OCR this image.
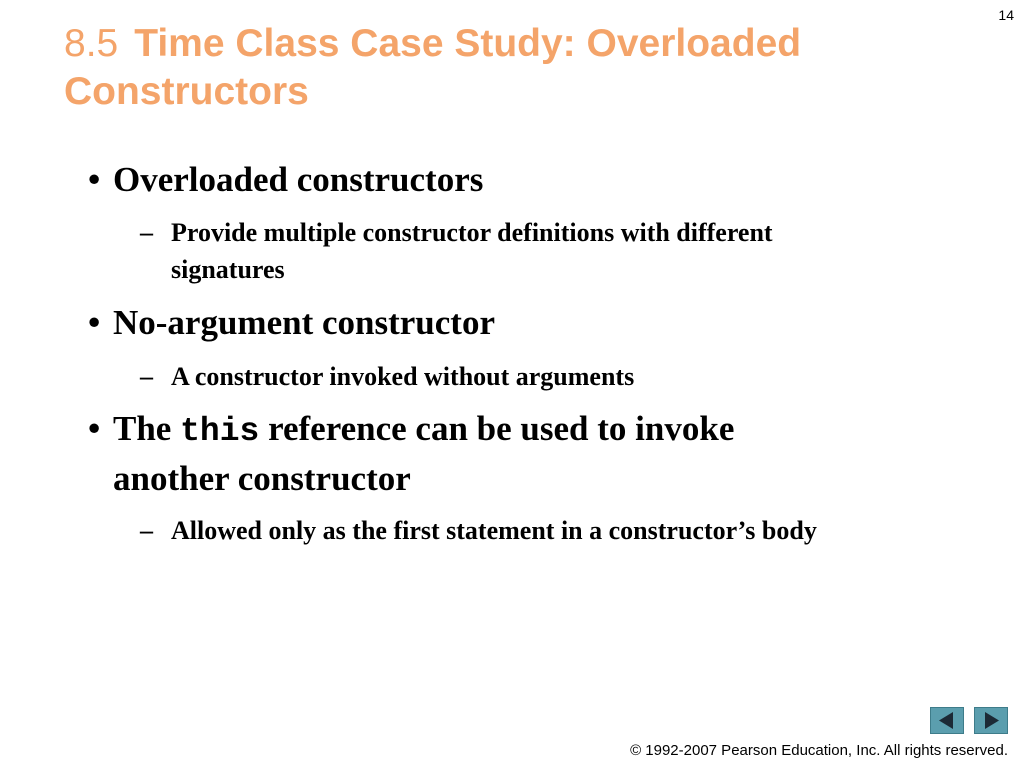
14
8.5 Time Class Case Study: Overloaded Constructors
• Overloaded constructors
– Provide multiple constructor definitions with different
signatures
• No-argument constructor
– A constructor invoked without arguments
• The this reference can be used to invoke
another constructor
– Allowed only as the first statement in a constructor’s body
© 1992-2007 Pearson Education, Inc. All rights reserved.
